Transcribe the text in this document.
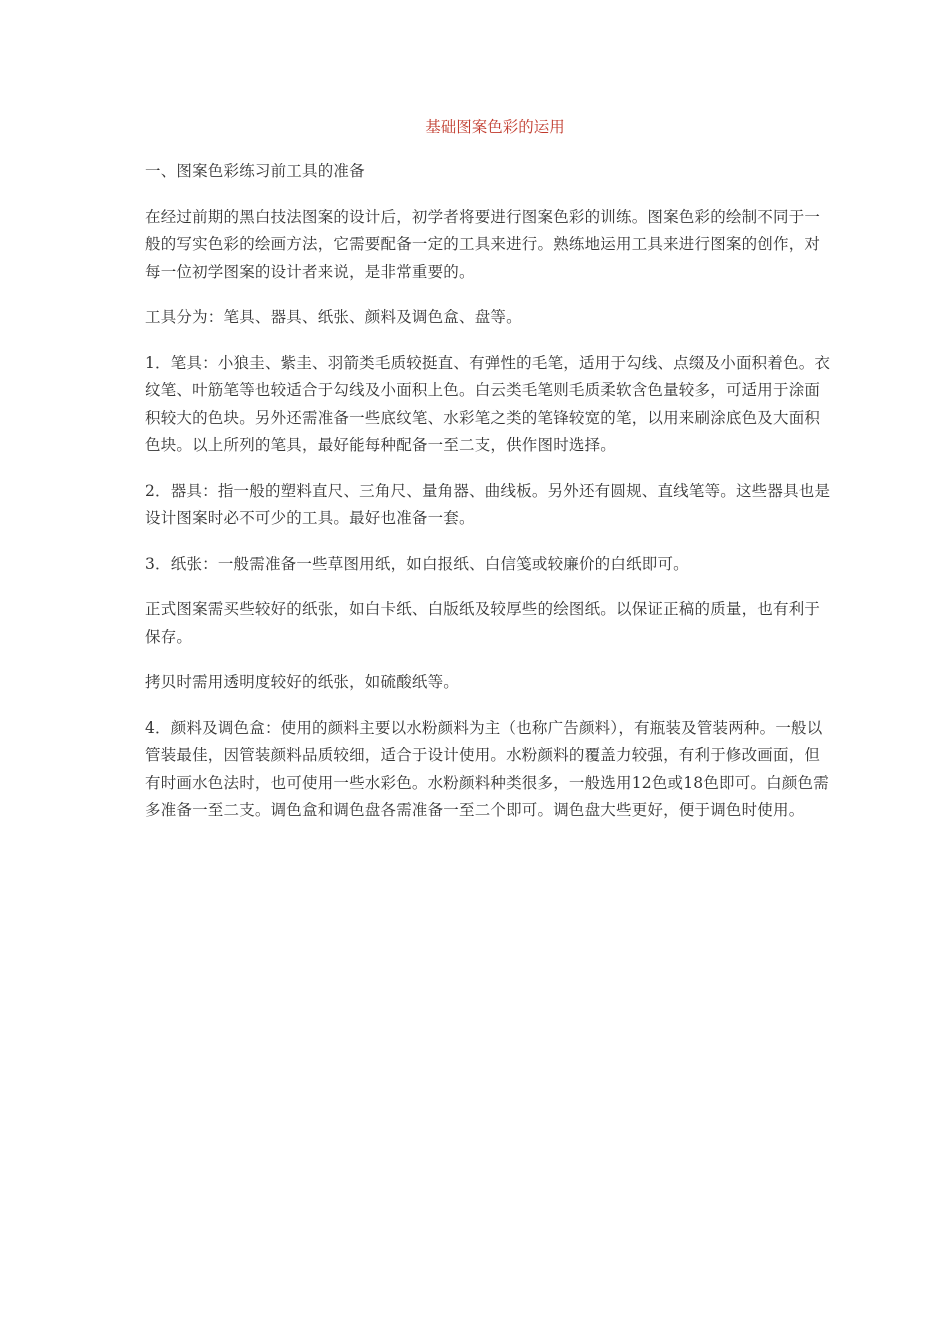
基础图案色彩的运用

一、图案色彩练习前工具的准备

在经过前期的黑白技法图案的设计后，初学者将要进行图案色彩的训练。图案色彩的绘制不同于一般的写实色彩的绘画方法，它需要配备一定的工具来进行。熟练地运用工具来进行图案的创作，对每一位初学图案的设计者来说，是非常重要的。

工具分为：笔具、器具、纸张、颜料及调色盒、盘等。

1．笔具：小狼圭、紫圭、羽箭类毛质较挺直、有弹性的毛笔，适用于勾线、点缀及小面积着色。衣纹笔、叶筋笔等也较适合于勾线及小面积上色。白云类毛笔则毛质柔软含色量较多，可适用于涂面积较大的色块。另外还需准备一些底纹笔、水彩笔之类的笔锋较宽的笔，以用来刷涂底色及大面积色块。以上所列的笔具，最好能每种配备一至二支，供作图时选择。

2．器具：指一般的塑料直尺、三角尺、量角器、曲线板。另外还有圆规、直线笔等。这些器具也是设计图案时必不可少的工具。最好也准备一套。

3．纸张：一般需准备一些草图用纸，如白报纸、白信笺或较廉价的白纸即可。

正式图案需买些较好的纸张，如白卡纸、白版纸及较厚些的绘图纸。以保证正稿的质量，也有利于保存。

拷贝时需用透明度较好的纸张，如硫酸纸等。

4．颜料及调色盒：使用的颜料主要以水粉颜料为主（也称广告颜料），有瓶装及管装两种。一般以管装最佳，因管装颜料品质较细，适合于设计使用。水粉颜料的覆盖力较强，有利于修改画面，但有时画水色法时，也可使用一些水彩色。水粉颜料种类很多，一般选用12色或18色即可。白颜色需多准备一至二支。调色盒和调色盘各需准备一至二个即可。调色盘大些更好，便于调色时使用。
